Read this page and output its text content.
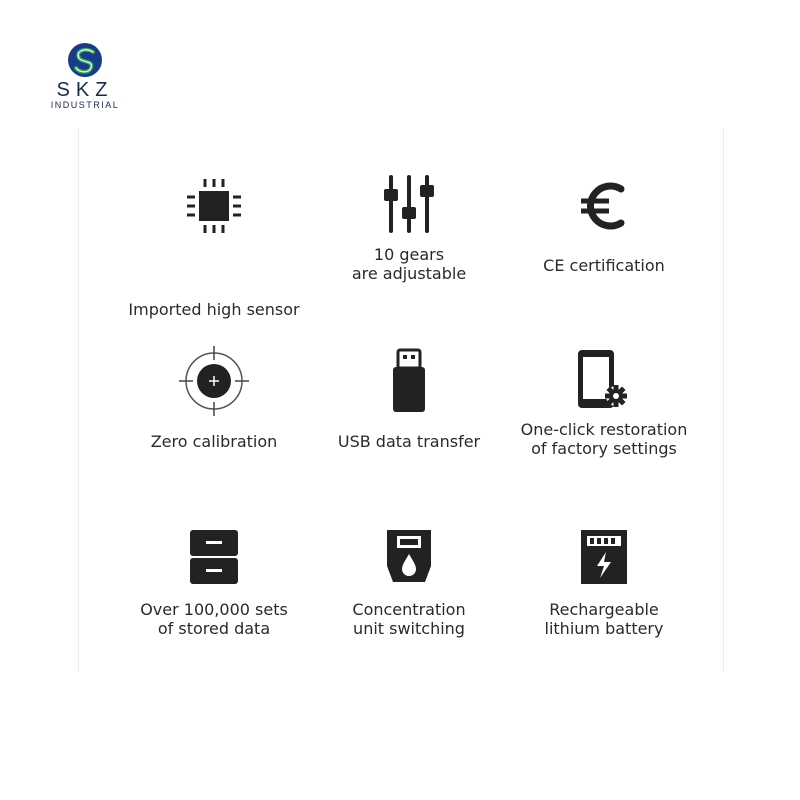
SKZ
INDUSTRIAL
Imported high sensor
10 gears
are adjustable	CE certification
Zero calibration	USB data transfer
One-click restoration
of factory settings
Over 100,000 sets
of stored data
Concentration
unit switching
Rechargeable
lithium battery
